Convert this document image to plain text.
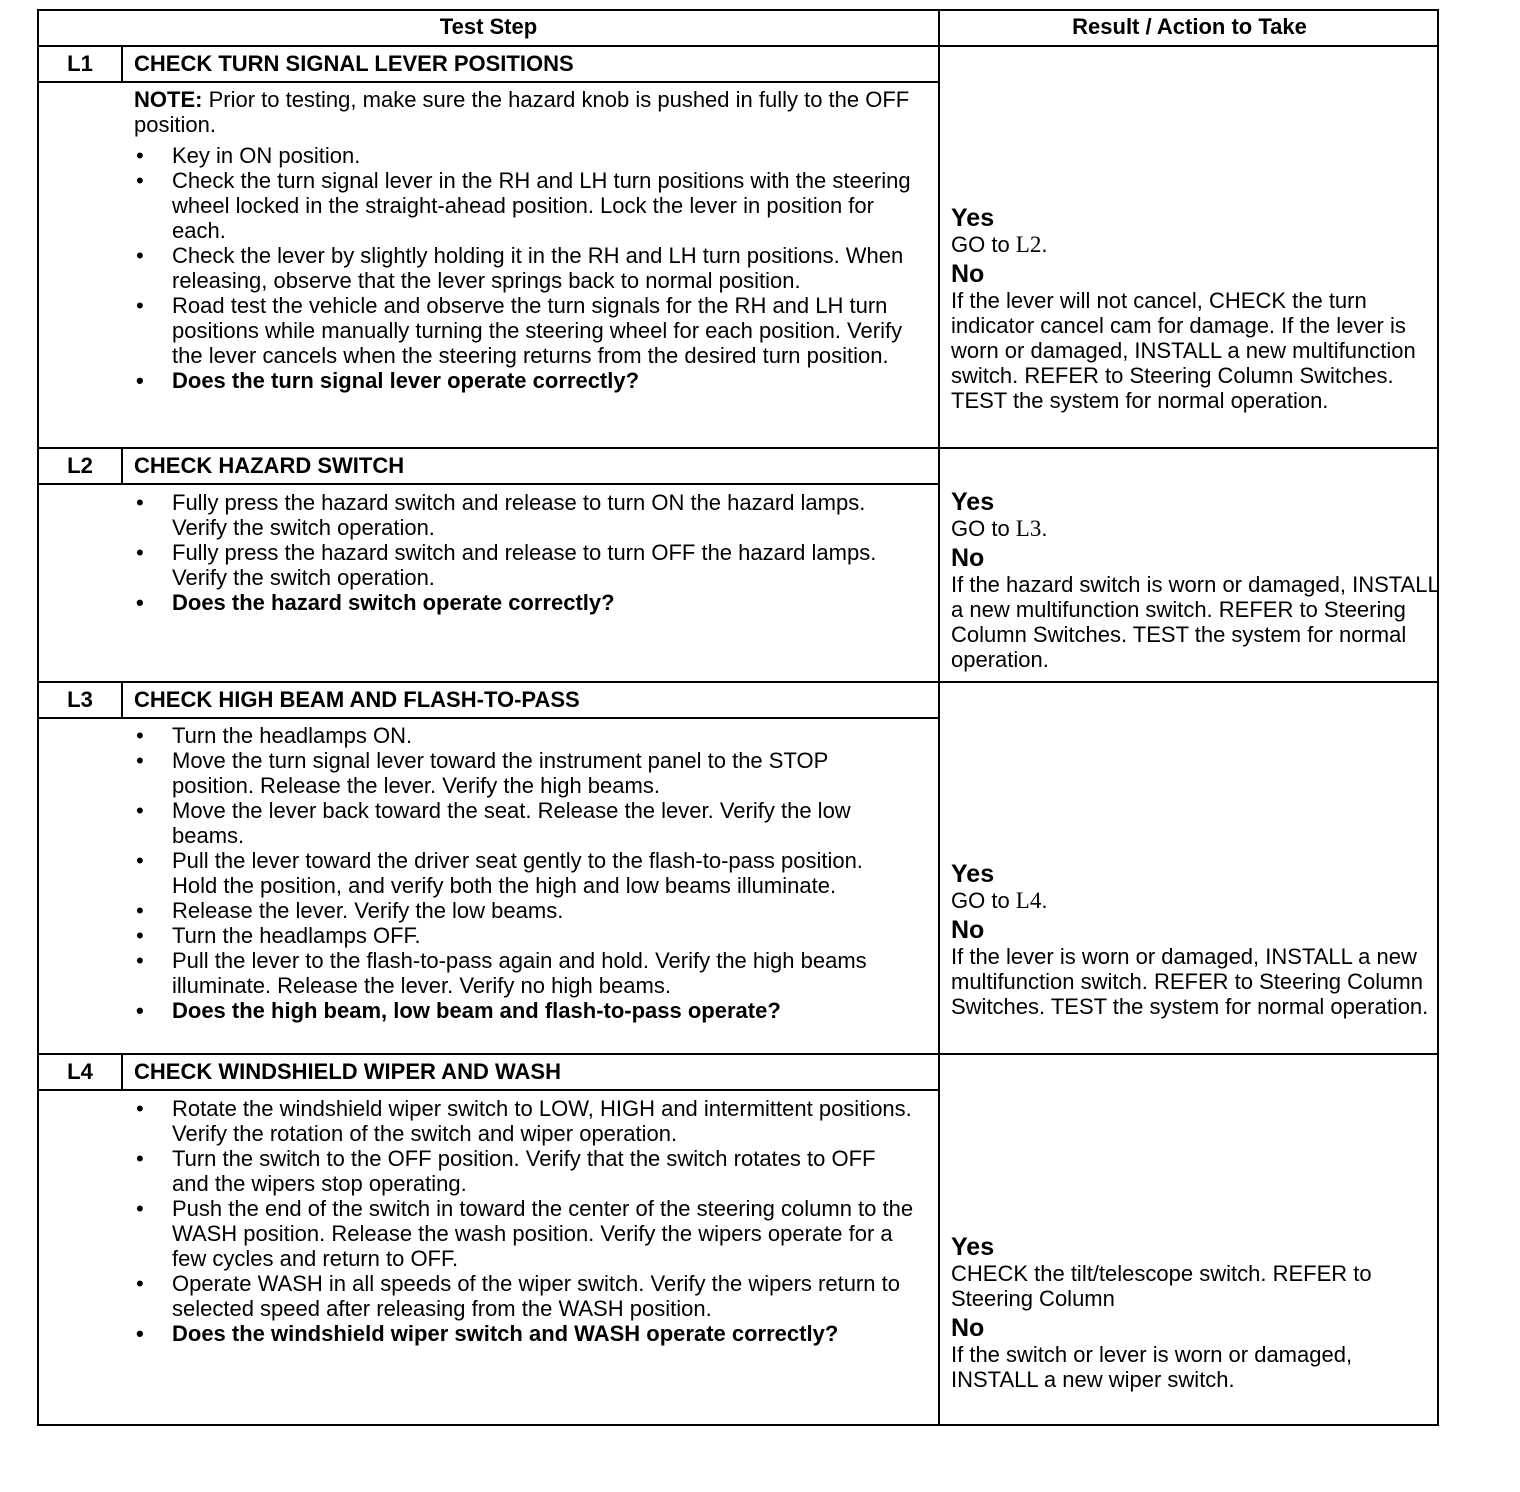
Test Step	Result / Action to Take
L1	CHECK TURN SIGNAL LEVER POSITIONS

NOTE: Prior to testing, make sure the hazard knob is pushed in fully to the OFF position.

• Key in ON position.
• Check the turn signal lever in the RH and LH turn positions with the steering wheel locked in the straight-ahead position. Lock the lever in position for each.
• Check the lever by slightly holding it in the RH and LH turn positions. When releasing, observe that the lever springs back to normal position.
• Road test the vehicle and observe the turn signals for the RH and LH turn positions while manually turning the steering wheel for each position. Verify the lever cancels when the steering returns from the desired turn position.
• Does the turn signal lever operate correctly?
Yes

GO to L2.

No

If the lever will not cancel, CHECK the turn indicator cancel cam for damage. If the lever is worn or damaged, INSTALL a new multifunction switch. REFER to Steering Column Switches. TEST the system for normal operation.

L2	CHECK HAZARD SWITCH
• Fully press the hazard switch and release to turn ON the hazard lamps. Verify the switch operation.
• Fully press the hazard switch and release to turn OFF the hazard lamps. Verify the switch operation.
• Does the hazard switch operate correctly?
Yes

GO to L3.

No

If the hazard switch is worn or damaged, INSTALL a new multifunction switch. REFER to Steering Column Switches. TEST the system for normal operation.

L3	CHECK HIGH BEAM AND FLASH-TO-PASS
• Turn the headlamps ON.
• Move the turn signal lever toward the instrument panel to the STOP position. Release the lever. Verify the high beams.
• Move the lever back toward the seat. Release the lever. Verify the low beams.
• Pull the lever toward the driver seat gently to the flash-to-pass position. Hold the position, and verify both the high and low beams illuminate.
• Release the lever. Verify the low beams.
• Turn the headlamps OFF.
• Pull the lever to the flash-to-pass again and hold. Verify the high beams illuminate. Release the lever. Verify no high beams.
• Does the high beam, low beam and flash-to-pass operate?
Yes

GO to L4.

No

If the lever is worn or damaged, INSTALL a new multifunction switch. REFER to Steering Column Switches. TEST the system for normal operation.

L4	CHECK WINDSHIELD WIPER AND WASH
• Rotate the windshield wiper switch to LOW, HIGH and intermittent positions. Verify the rotation of the switch and wiper operation.
• Turn the switch to the OFF position. Verify that the switch rotates to OFF and the wipers stop operating.
• Push the end of the switch in toward the center of the steering column to the WASH position. Release the wash position. Verify the wipers operate for a few cycles and return to OFF.
• Operate WASH in all speeds of the wiper switch. Verify the wipers return to selected speed after releasing from the WASH position.
• Does the windshield wiper switch and WASH operate correctly?
Yes

CHECK the tilt/telescope switch. REFER to Steering Column

No

If the switch or lever is worn or damaged, INSTALL a new wiper switch.
